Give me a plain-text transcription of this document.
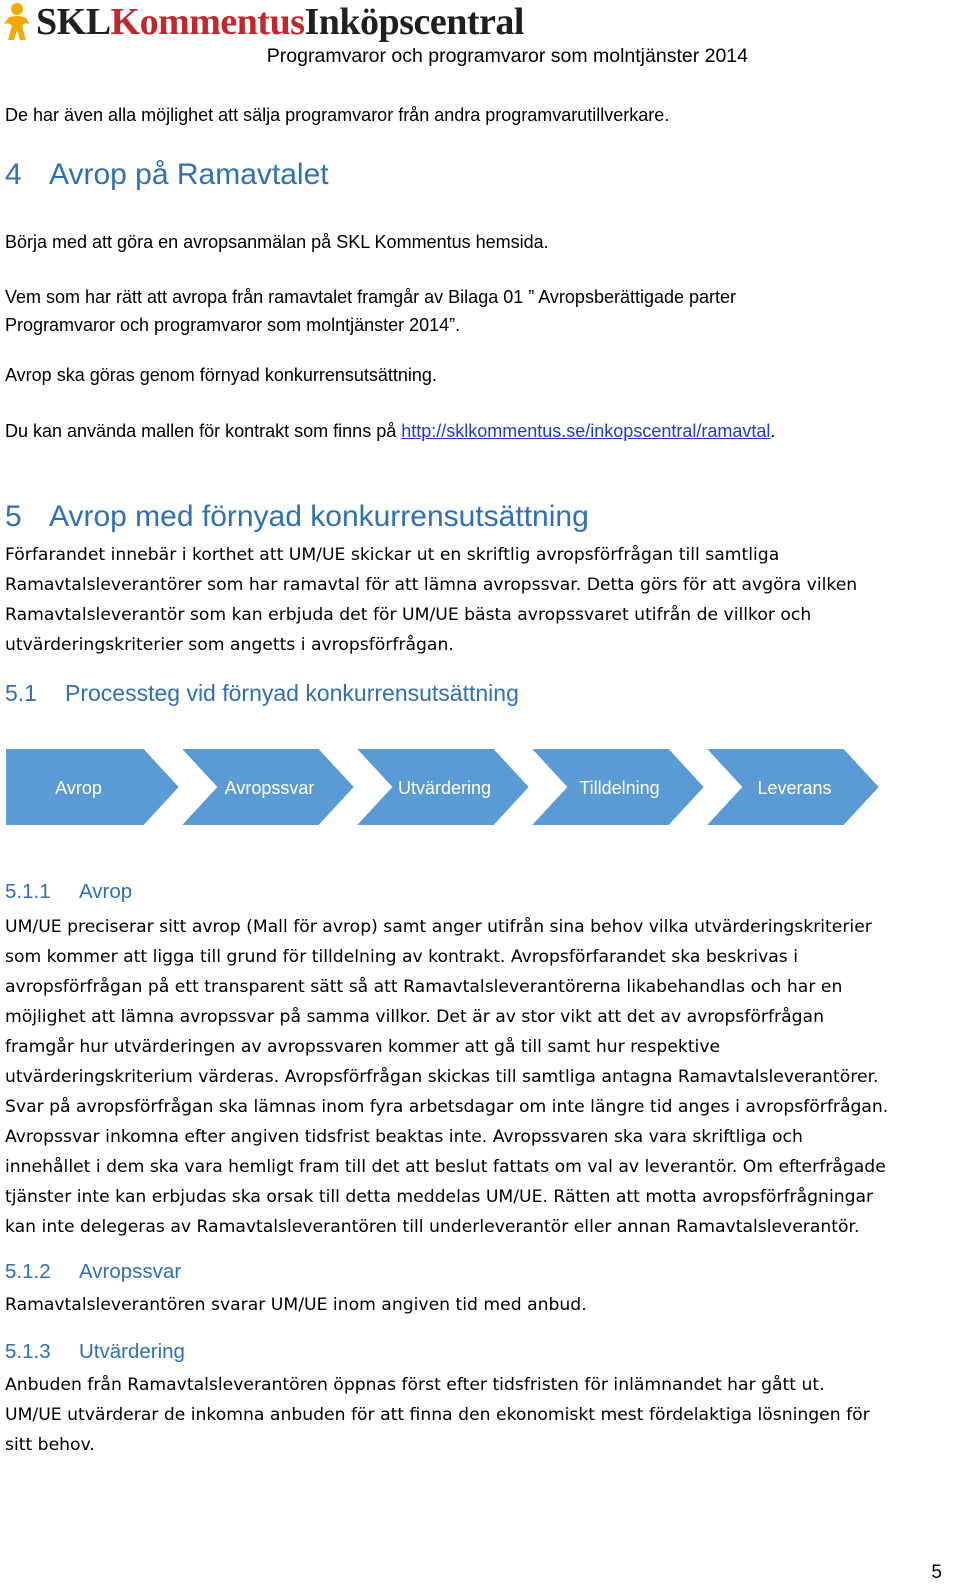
SKLKommentusInköpscentral
Programvaror och programvaror som molntjänster 2014

De har även alla möjlighet att sälja programvaror från andra programvarutillverkare.

4 Avrop på Ramavtalet

Börja med att göra en avropsanmälan på SKL Kommentus hemsida.

Vem som har rätt att avropa från ramavtalet framgår av Bilaga 01 ” Avropsberättigade parter

Programvaror och programvaror som molntjänster 2014”.

Avrop ska göras genom förnyad konkurrensutsättning.

Du kan använda mallen för kontrakt som finns på http://sklkommentus.se/inkopscentral/ramavtal.

5 Avrop med förnyad konkurrensutsättning

Förfarandet innebär i korthet att UM/UE skickar ut en skriftlig avropsförfrågan till samtliga

Ramavtalsleverantörer som har ramavtal för att lämna avropssvar. Detta görs för att avgöra vilken

Ramavtalsleverantör som kan erbjuda det för UM/UE bästa avropssvaret utifrån de villkor och

utvärderingskriterier som angetts i avropsförfrågan.

5.1 Processteg vid förnyad konkurrensutsättning
Avrop	Avropssvar	Utvärdering	Tilldelning	Leverans
5.1.1 Avrop

UM/UE preciserar sitt avrop (Mall för avrop) samt anger utifrån sina behov vilka utvärderingskriterier

som kommer att ligga till grund för tilldelning av kontrakt. Avropsförfarandet ska beskrivas i

avropsförfrågan på ett transparent sätt så att Ramavtalsleverantörerna likabehandlas och har en

möjlighet att lämna avropssvar på samma villkor. Det är av stor vikt att det av avropsförfrågan

framgår hur utvärderingen av avropssvaren kommer att gå till samt hur respektive

utvärderingskriterium värderas. Avropsförfrågan skickas till samtliga antagna Ramavtalsleverantörer.

Svar på avropsförfrågan ska lämnas inom fyra arbetsdagar om inte längre tid anges i avropsförfrågan.

Avropssvar inkomna efter angiven tidsfrist beaktas inte. Avropssvaren ska vara skriftliga och

innehållet i dem ska vara hemligt fram till det att beslut fattats om val av leverantör. Om efterfrågade

tjänster inte kan erbjudas ska orsak till detta meddelas UM/UE. Rätten att motta avropsförfrågningar

kan inte delegeras av Ramavtalsleverantören till underleverantör eller annan Ramavtalsleverantör.

5.1.2 Avropssvar

Ramavtalsleverantören svarar UM/UE inom angiven tid med anbud.

5.1.3 Utvärdering

Anbuden från Ramavtalsleverantören öppnas först efter tidsfristen för inlämnandet har gått ut.

UM/UE utvärderar de inkomna anbuden för att finna den ekonomiskt mest fördelaktiga lösningen för

sitt behov.

5
